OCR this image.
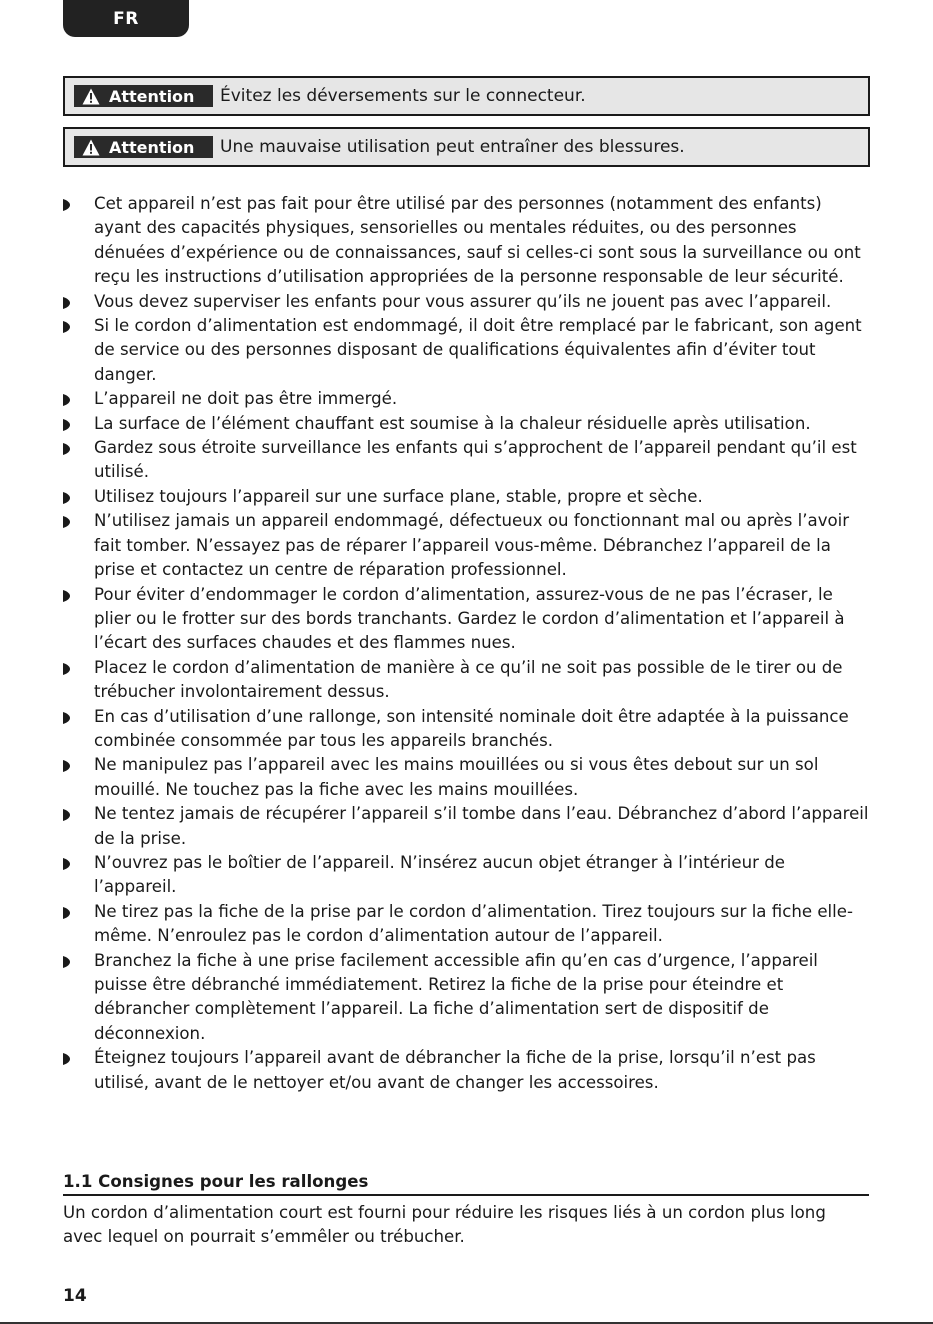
FR
Attention Évitez les déversements sur le connecteur.
Attention Une mauvaise utilisation peut entraîner des blessures.
Cet appareil n’est pas fait pour être utilisé par des personnes (notamment des enfants) ayant des capacités physiques, sensorielles ou mentales réduites, ou des personnes dénuées d’expérience ou de connaissances, sauf si celles-ci sont sous la surveillance ou ont reçu les instructions d’utilisation appropriées de la personne responsable de leur sécurité.
Vous devez superviser les enfants pour vous assurer qu’ils ne jouent pas avec l’appareil.
Si le cordon d’alimentation est endommagé, il doit être remplacé par le fabricant, son agent de service ou des personnes disposant de qualifications équivalentes afin d’éviter tout danger.
L’appareil ne doit pas être immergé.
La surface de l’élément chauffant est soumise à la chaleur résiduelle après utilisation.
Gardez sous étroite surveillance les enfants qui s’approchent de l’appareil pendant qu’il est utilisé.
Utilisez toujours l’appareil sur une surface plane, stable, propre et sèche.
N’utilisez jamais un appareil endommagé, défectueux ou fonctionnant mal ou après l’avoir fait tomber. N’essayez pas de réparer l’appareil vous-même. Débranchez l’appareil de la prise et contactez un centre de réparation professionnel.
Pour éviter d’endommager le cordon d’alimentation, assurez-vous de ne pas l’écraser, le plier ou le frotter sur des bords tranchants. Gardez le cordon d’alimentation et l’appareil à l’écart des surfaces chaudes et des flammes nues.
Placez le cordon d’alimentation de manière à ce qu’il ne soit pas possible de le tirer ou de trébucher involontairement dessus.
En cas d’utilisation d’une rallonge, son intensité nominale doit être adaptée à la puissance combinée consommée par tous les appareils branchés.
Ne manipulez pas l’appareil avec les mains mouillées ou si vous êtes debout sur un sol mouillé. Ne touchez pas la fiche avec les mains mouillées.
Ne tentez jamais de récupérer l’appareil s’il tombe dans l’eau. Débranchez d’abord l’appareil de la prise.
N’ouvrez pas le boîtier de l’appareil. N’insérez aucun objet étranger à l’intérieur de l’appareil.
Ne tirez pas la fiche de la prise par le cordon d’alimentation. Tirez toujours sur la fiche elle-même. N’enroulez pas le cordon d’alimentation autour de l’appareil.
Branchez la fiche à une prise facilement accessible afin qu’en cas d’urgence, l’appareil puisse être débranché immédiatement. Retirez la fiche de la prise pour éteindre et débrancher complètement l’appareil. La fiche d’alimentation sert de dispositif de déconnexion.
Éteignez toujours l’appareil avant de débrancher la fiche de la prise, lorsqu’il n’est pas utilisé, avant de le nettoyer et/ou avant de changer les accessoires.
1.1 Consignes pour les rallonges
Un cordon d’alimentation court est fourni pour réduire les risques liés à un cordon plus long avec lequel on pourrait s’emmêler ou trébucher.
14
